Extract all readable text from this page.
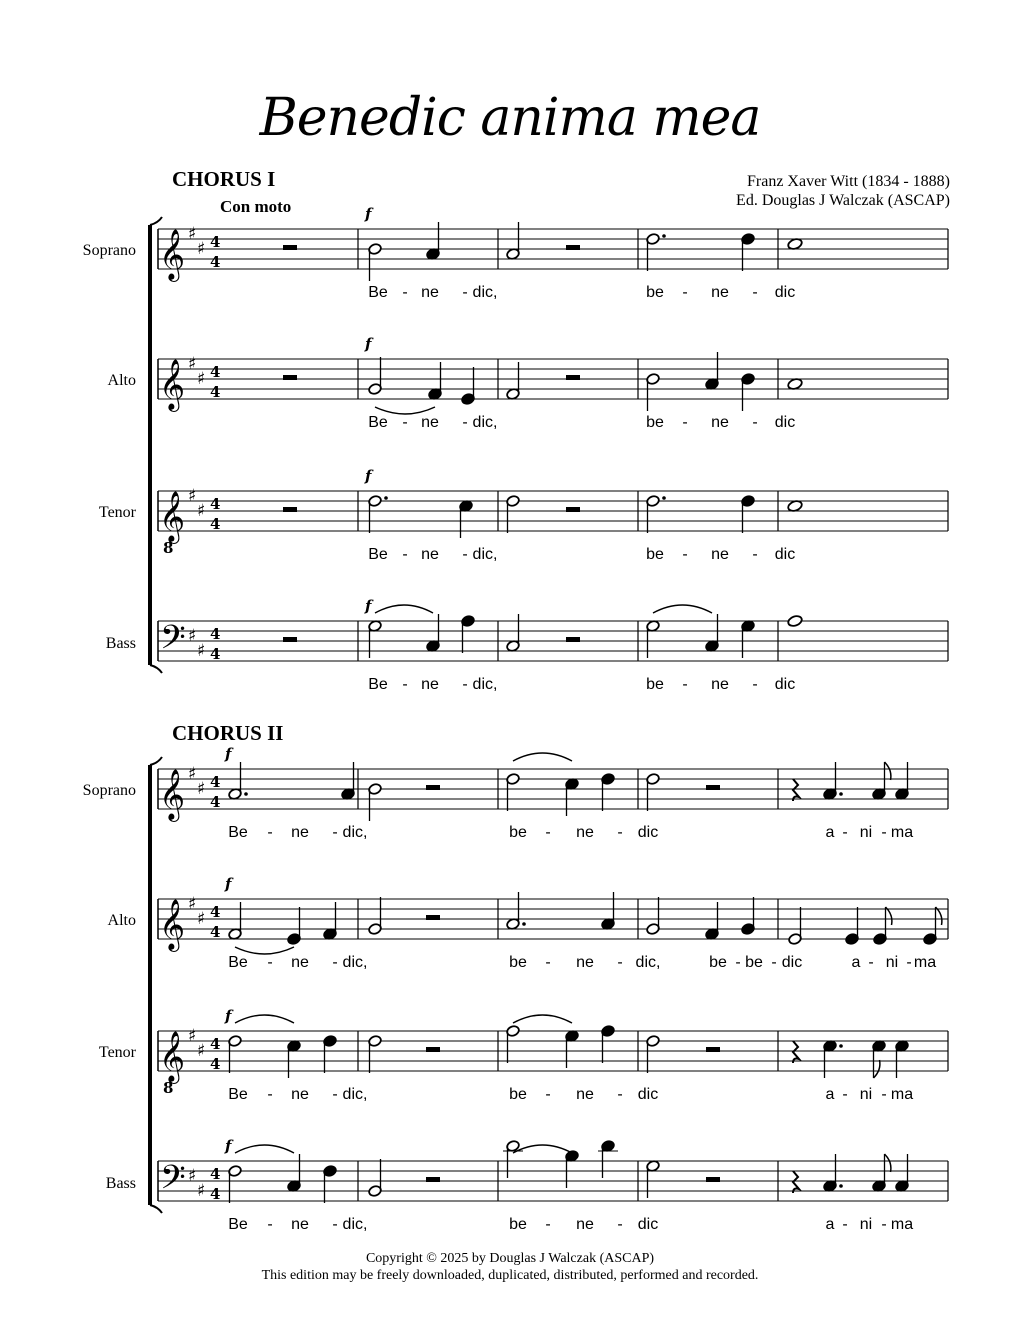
Benedic anima mea
Franz Xaver Witt (1834 - 1888)
Ed. Douglas J Walczak (ASCAP)
CHORUS I
Con moto
CHORUS II
Soprano
Alto
Tenor
Bass
Soprano
Alto
Tenor
Bass
𝄞 ♯
♯ 4
4
f
Be - ne - dic,	be - ne - dic
𝄞 ♯
♯ 4
4
f
Be - ne - dic,	be - ne - dic
𝄞
8
♯
♯ 4
4
f
Be - ne - dic,	be - ne - dic
𝄢 ♯
♯
4
4
f
Be - ne - dic,	be - ne - dic
𝄞 ♯
♯ 4
4
f
Be - ne - dic,	be - ne - dic	a - ni - ma
𝄞 ♯
♯ 4
4
f
Be - ne - dic,	be - ne - dic,	be - be - dic	a - ni - ma
𝄞
8
♯
♯ 4
4
f
Be - ne - dic,	be - ne - dic	a - ni - ma
𝄢 ♯
♯
4
4
f
Be - ne - dic,	be - ne - dic	a - ni - ma
Copyright © 2025 by Douglas J Walczak (ASCAP)
This edition may be freely downloaded, duplicated, distributed, performed and recorded.
